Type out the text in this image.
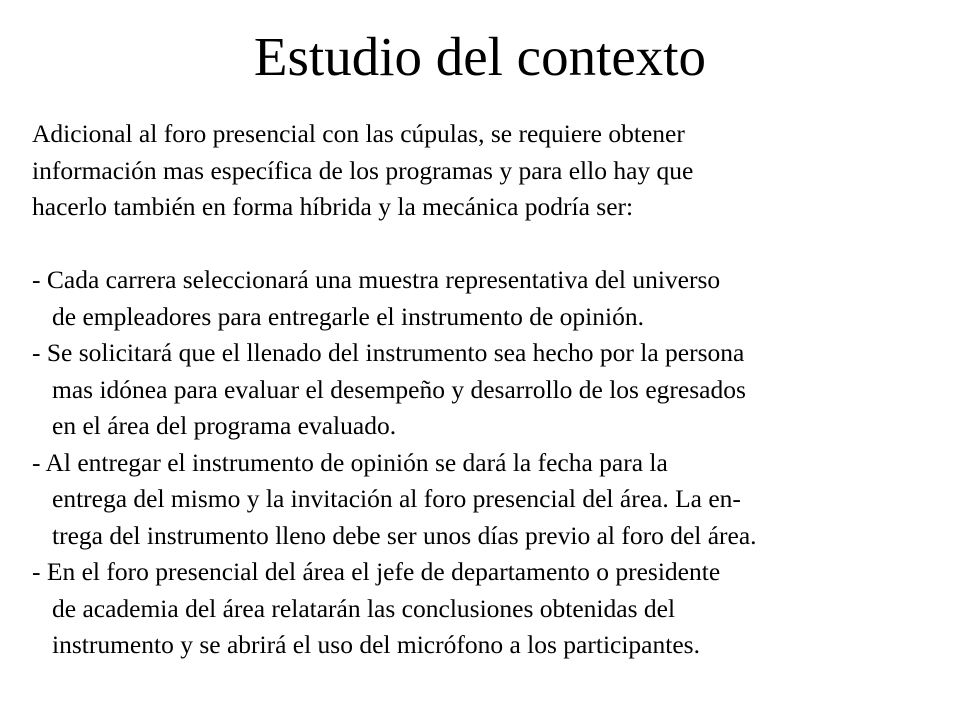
Estudio del contexto
Adicional al foro presencial con las cúpulas, se requiere obtener
información mas específica de los programas y para ello hay que
hacerlo también en forma híbrida y la mecánica podría ser:
- Cada carrera seleccionará una muestra representativa del universo
de empleadores para entregarle el instrumento de opinión.
- Se solicitará que el llenado del instrumento sea hecho por la persona
mas idónea para evaluar el desempeño y desarrollo de los egresados
en el área del programa evaluado.
- Al entregar el instrumento de opinión se dará la fecha para la
entrega del mismo y la invitación al foro presencial del área. La en-
trega del instrumento lleno debe ser unos días previo al foro del área.
- En el foro presencial del área el jefe de departamento o presidente
de academia del área relatarán las conclusiones obtenidas del
instrumento y se abrirá el uso del micrófono a los participantes.
